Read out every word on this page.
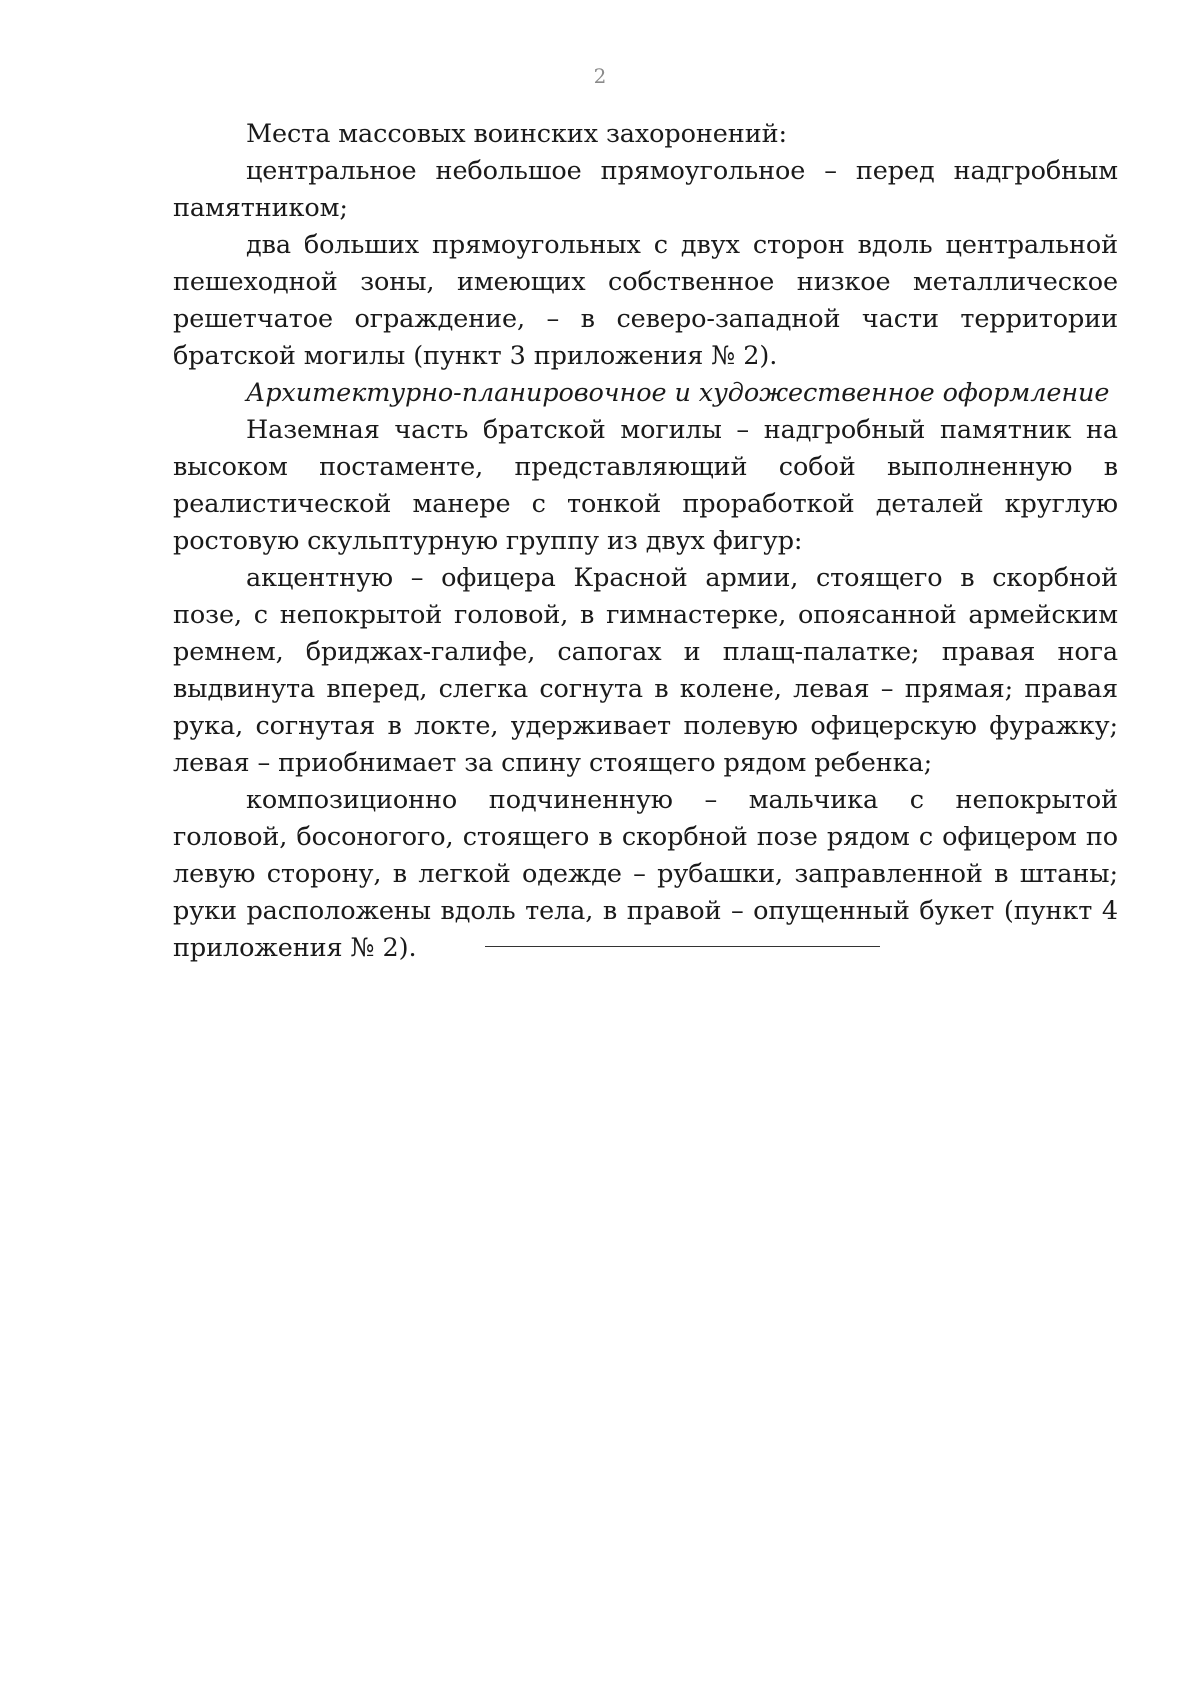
2

Места массовых воинских захоронений:

центральное небольшое прямоугольное – перед надгробным памятником;

два больших прямоугольных с двух сторон вдоль центральной пешеходной зоны, имеющих собственное низкое металлическое решетчатое ограждение, – в северо-западной части территории братской могилы (пункт 3 приложения № 2).

Архитектурно-планировочное и художественное оформление

Наземная часть братской могилы – надгробный памятник на высоком постаменте, представляющий собой выполненную в реалистической манере с тонкой проработкой деталей круглую ростовую скульптурную группу из двух фигур:

акцентную – офицера Красной армии, стоящего в скорбной позе, с непокрытой головой, в гимнастерке, опоясанной армейским ремнем, бриджах-галифе, сапогах и плащ-палатке; правая нога выдвинута вперед, слегка согнута в колене, левая – прямая; правая рука, согнутая в локте, удерживает полевую офицерскую фуражку; левая – приобнимает за спину стоящего рядом ребенка;

композиционно подчиненную – мальчика с непокрытой головой, босоногого, стоящего в скорбной позе рядом с офицером по левую сторону, в легкой одежде – рубашки, заправленной в штаны; руки расположены вдоль тела, в правой – опущенный букет (пункт 4 приложения № 2).
